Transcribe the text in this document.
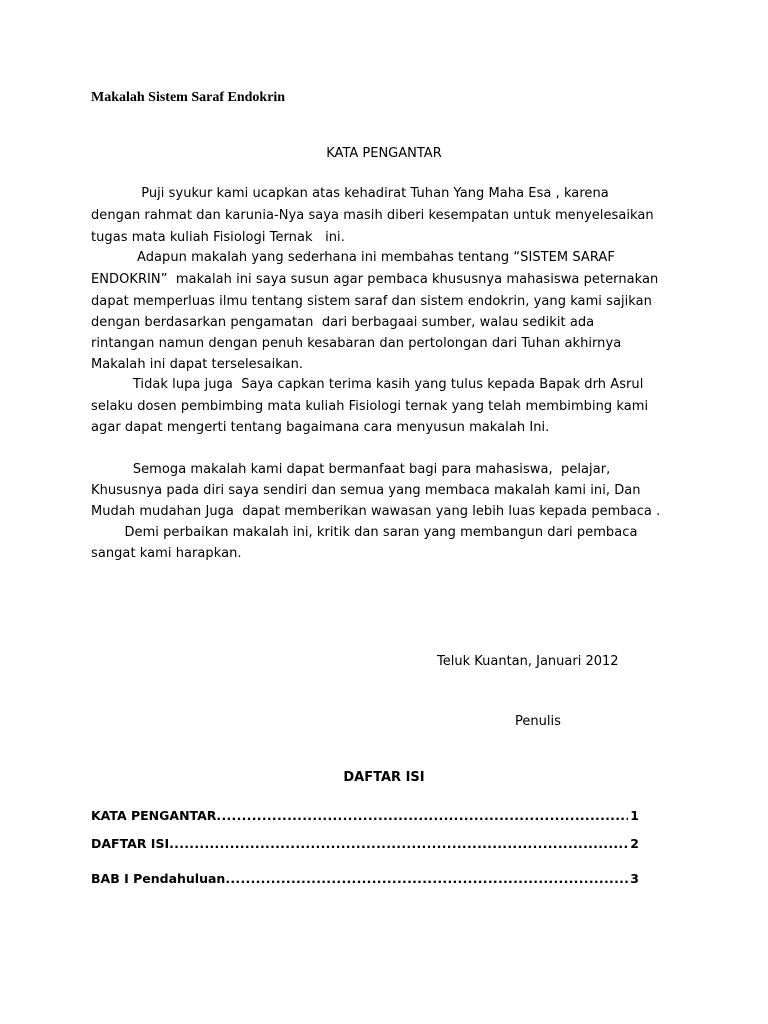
Makalah Sistem Saraf Endokrin
KATA PENGANTAR
Puji syukur kami ucapkan atas kehadirat Tuhan Yang Maha Esa , karena
dengan rahmat dan karunia-Nya saya masih diberi kesempatan untuk menyelesaikan
tugas mata kuliah Fisiologi Ternak   ini.
Adapun makalah yang sederhana ini membahas tentang “SISTEM SARAF
ENDOKRIN”  makalah ini saya susun agar pembaca khususnya mahasiswa peternakan
dapat memperluas ilmu tentang sistem saraf dan sistem endokrin, yang kami sajikan
dengan berdasarkan pengamatan  dari berbagaai sumber, walau sedikit ada
rintangan namun dengan penuh kesabaran dan pertolongan dari Tuhan akhirnya
Makalah ini dapat terselesaikan.
Tidak lupa juga  Saya capkan terima kasih yang tulus kepada Bapak drh Asrul
selaku dosen pembimbing mata kuliah Fisiologi ternak yang telah membimbing kami
agar dapat mengerti tentang bagaimana cara menyusun makalah Ini.
Semoga makalah kami dapat bermanfaat bagi para mahasiswa,  pelajar,
Khususnya pada diri saya sendiri dan semua yang membaca makalah kami ini, Dan
Mudah mudahan Juga  dapat memberikan wawasan yang lebih luas kepada pembaca .
Demi perbaikan makalah ini, kritik dan saran yang membangun dari pembaca
sangat kami harapkan.
Teluk Kuantan, Januari 2012
Penulis
DAFTAR ISI
KATA PENGANTAR .....	1
DAFTAR ISI .....	2
BAB I Pendahuluan .....	3
